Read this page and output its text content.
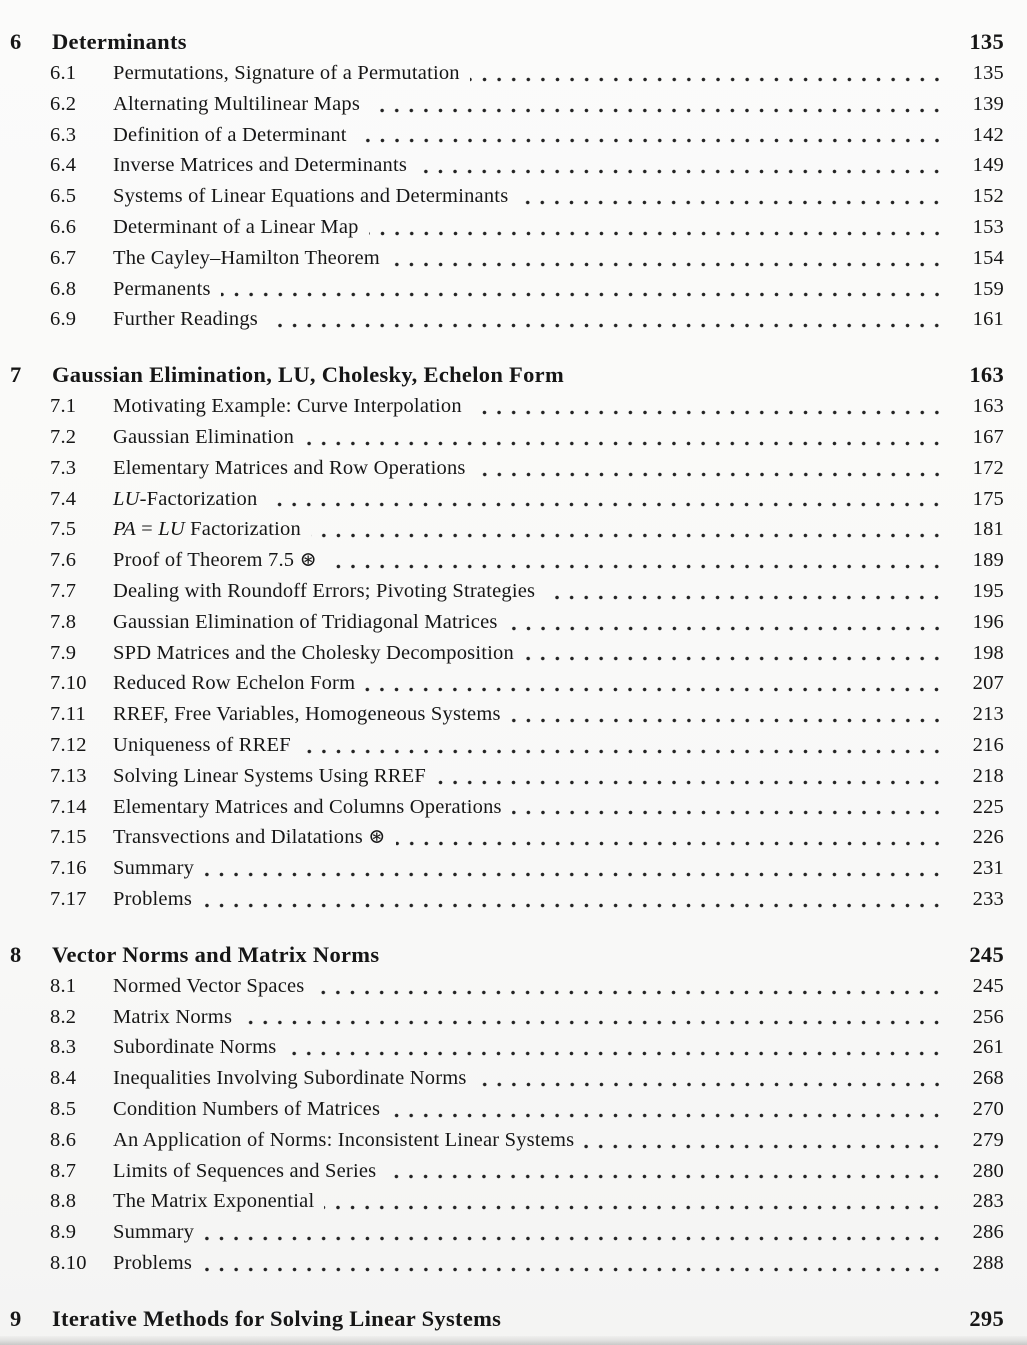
6	Determinants	135
6.1	Permutations, Signature of a Permutation	135
6.2	Alternating Multilinear Maps	139
6.3	Definition of a Determinant	142
6.4	Inverse Matrices and Determinants	149
6.5	Systems of Linear Equations and Determinants	152
6.6	Determinant of a Linear Map	153
6.7	The Cayley–Hamilton Theorem	154
6.8	Permanents	159
6.9	Further Readings	161
7	Gaussian Elimination, LU, Cholesky, Echelon Form	163
7.1	Motivating Example: Curve Interpolation	163
7.2	Gaussian Elimination	167
7.3	Elementary Matrices and Row Operations	172
7.4	LU-Factorization	175
7.5	PA = LU Factorization	181
7.6	Proof of Theorem 7.5 ⊛	189
7.7	Dealing with Roundoff Errors; Pivoting Strategies	195
7.8	Gaussian Elimination of Tridiagonal Matrices	196
7.9	SPD Matrices and the Cholesky Decomposition	198
7.10	Reduced Row Echelon Form	207
7.11	RREF, Free Variables, Homogeneous Systems	213
7.12	Uniqueness of RREF	216
7.13	Solving Linear Systems Using RREF	218
7.14	Elementary Matrices and Columns Operations	225
7.15	Transvections and Dilatations ⊛	226
7.16	Summary	231
7.17	Problems	233
8	Vector Norms and Matrix Norms	245
8.1	Normed Vector Spaces	245
8.2	Matrix Norms	256
8.3	Subordinate Norms	261
8.4	Inequalities Involving Subordinate Norms	268
8.5	Condition Numbers of Matrices	270
8.6	An Application of Norms: Inconsistent Linear Systems	279
8.7	Limits of Sequences and Series	280
8.8	The Matrix Exponential	283
8.9	Summary	286
8.10	Problems	288
9	Iterative Methods for Solving Linear Systems	295
